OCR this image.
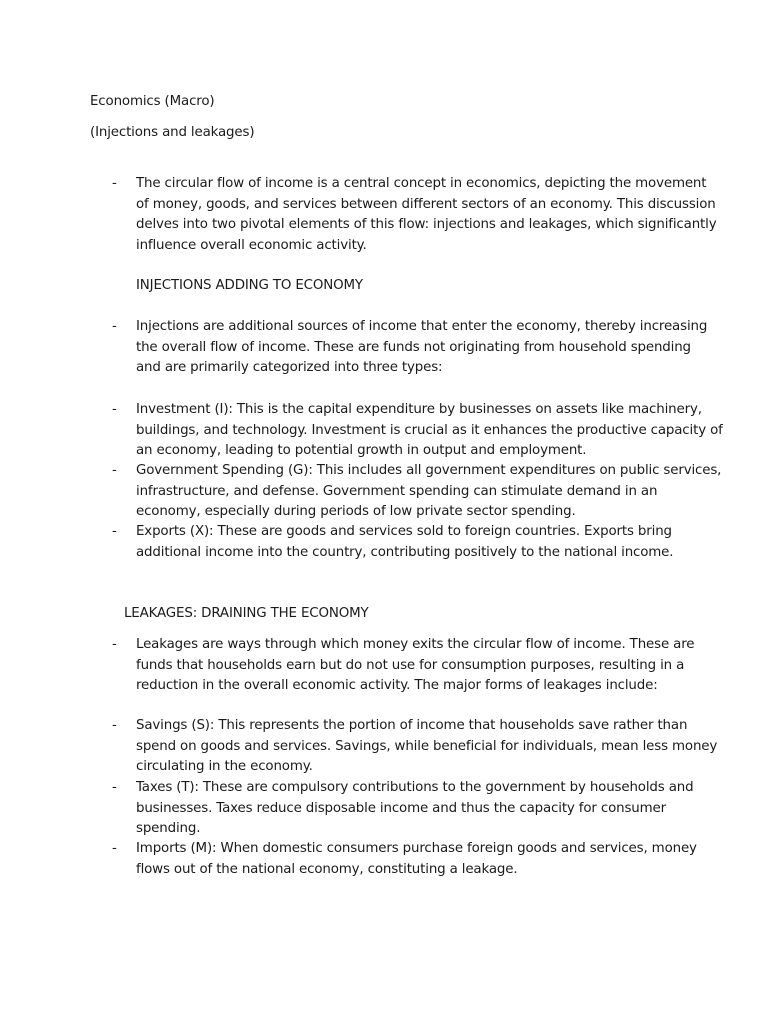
Economics (Macro)
(Injections and leakages)
- The circular flow of income is a central concept in economics, depicting the movement
of money, goods, and services between different sectors of an economy. This discussion
delves into two pivotal elements of this flow: injections and leakages, which significantly
influence overall economic activity.
INJECTIONS ADDING TO ECONOMY
- Injections are additional sources of income that enter the economy, thereby increasing
the overall flow of income. These are funds not originating from household spending
and are primarily categorized into three types:
- Investment (I): This is the capital expenditure by businesses on assets like machinery,
buildings, and technology. Investment is crucial as it enhances the productive capacity of
an economy, leading to potential growth in output and employment.
- Government Spending (G): This includes all government expenditures on public services,
infrastructure, and defense. Government spending can stimulate demand in an
economy, especially during periods of low private sector spending.
- Exports (X): These are goods and services sold to foreign countries. Exports bring
additional income into the country, contributing positively to the national income.
LEAKAGES: DRAINING THE ECONOMY
- Leakages are ways through which money exits the circular flow of income. These are
funds that households earn but do not use for consumption purposes, resulting in a
reduction in the overall economic activity. The major forms of leakages include:
- Savings (S): This represents the portion of income that households save rather than
spend on goods and services. Savings, while beneficial for individuals, mean less money
circulating in the economy.
- Taxes (T): These are compulsory contributions to the government by households and
businesses. Taxes reduce disposable income and thus the capacity for consumer
spending.
- Imports (M): When domestic consumers purchase foreign goods and services, money
flows out of the national economy, constituting a leakage.
